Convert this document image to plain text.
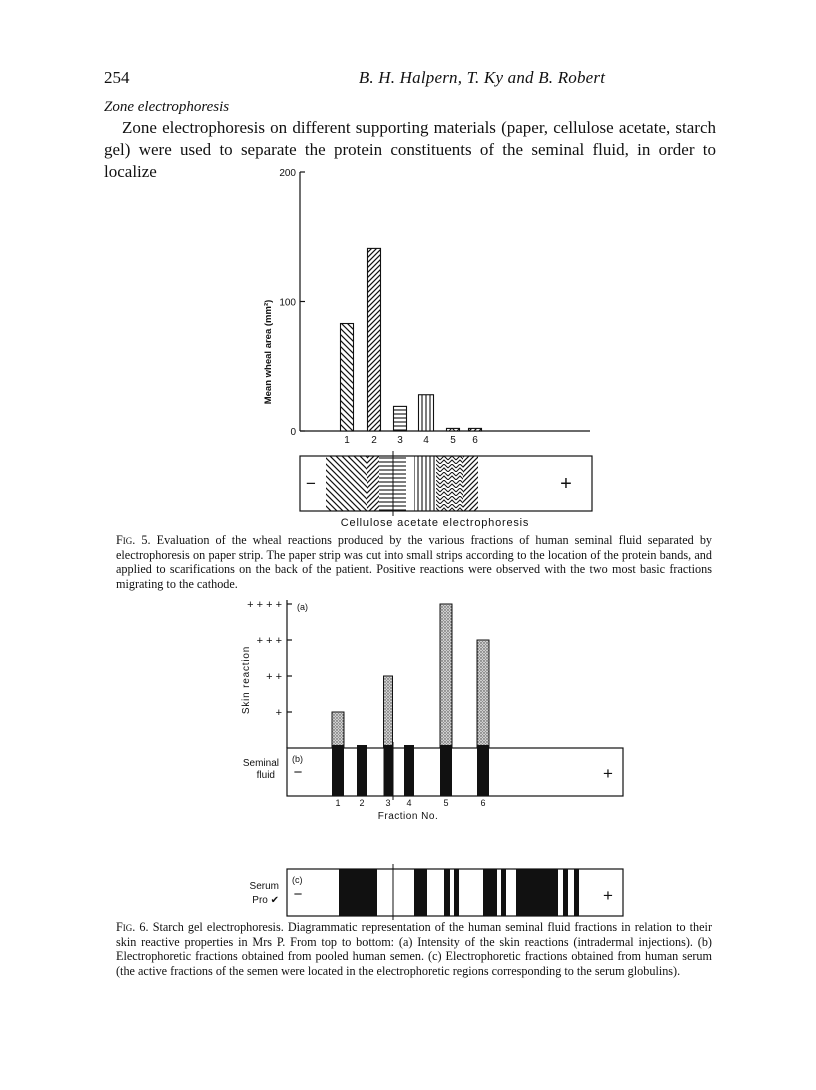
254	B. H. Halpern, T. Ky and B. Robert
Zone electrophoresis
Zone electrophoresis on different supporting materials (paper, cellulose acetate, starch gel) were used to separate the protein constituents of the seminal fluid, in order to localize
0
100
200
1 2 3 4 5 6
Mean wheal area (mm²)
−	+
Cellulose acetate electrophoresis
+
+ +
+ + +
+ + + + (a)
Skin reaction
(b)
−	+
Seminal
fluid
1 2 3 4	5	6
Fraction No.
(c)
−	+
Serum
Pro ✔
Fig. 5. Evaluation of the wheal reactions produced by the various fractions of human seminal fluid separated by electrophoresis on paper strip. The paper strip was cut into small strips according to the location of the protein bands, and applied to scarifications on the back of the patient. Positive reactions were observed with the two most basic fractions migrating to the cathode.
Fig. 6. Starch gel electrophoresis. Diagrammatic representation of the human seminal fluid fractions in relation to their skin reactive properties in Mrs P. From top to bottom: (a) Intensity of the skin reactions (intradermal injections). (b) Electrophoretic fractions obtained from pooled human semen. (c) Electrophoretic fractions obtained from human serum (the active fractions of the semen were located in the electrophoretic regions corresponding to the serum globulins).
